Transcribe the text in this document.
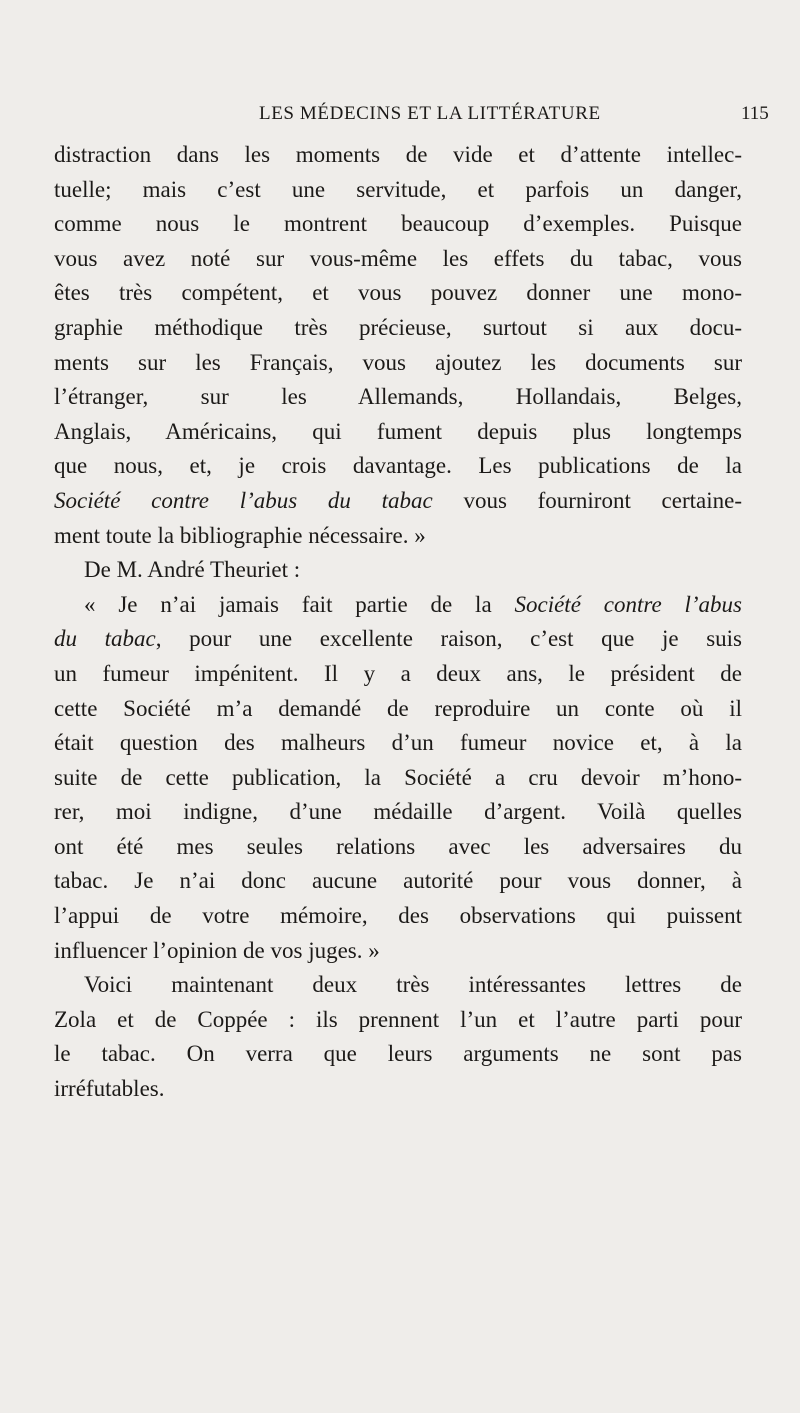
LES MÉDECINS ET LA LITTÉRATURE	115
distraction dans les moments de vide et d’attente intellec-
tuelle; mais c’est une servitude, et parfois un danger,
comme nous le montrent beaucoup d’exemples. Puisque
vous avez noté sur vous-même les effets du tabac, vous
êtes très compétent, et vous pouvez donner une mono-
graphie méthodique très précieuse, surtout si aux docu-
ments sur les Français, vous ajoutez les documents sur
l’étranger, sur les Allemands, Hollandais, Belges,
Anglais, Américains, qui fument depuis plus longtemps
que nous, et, je crois davantage. Les publications de la
Société contre l’abus du tabac vous fourniront certaine-
ment toute la bibliographie nécessaire. »
De M. André Theuriet :
« Je n’ai jamais fait partie de la Société contre l’abus
du tabac, pour une excellente raison, c’est que je suis
un fumeur impénitent. Il y a deux ans, le président de
cette Société m’a demandé de reproduire un conte où il
était question des malheurs d’un fumeur novice et, à la
suite de cette publication, la Société a cru devoir m’hono-
rer, moi indigne, d’une médaille d’argent. Voilà quelles
ont été mes seules relations avec les adversaires du
tabac. Je n’ai donc aucune autorité pour vous donner, à
l’appui de votre mémoire, des observations qui puissent
influencer l’opinion de vos juges. »
Voici maintenant deux très intéressantes lettres de
Zola et de Coppée : ils prennent l’un et l’autre parti pour
le tabac. On verra que leurs arguments ne sont pas
irréfutables.
